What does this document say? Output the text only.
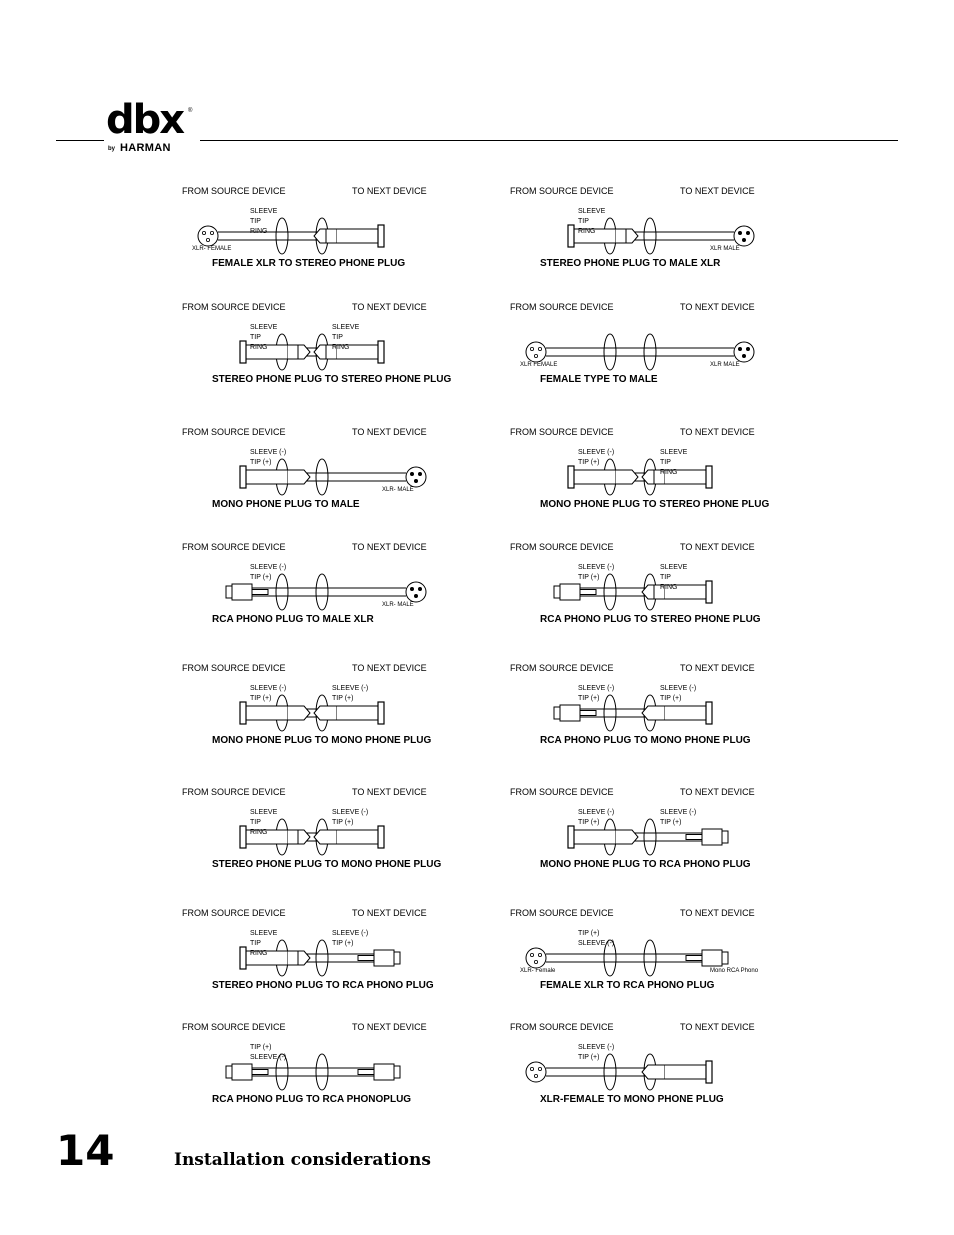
dbx ®
by HARMAN
FROM SOURCE DEVICE	TO NEXT DEVICE
SLEEVE
TIP
RING
XLR- FEMALE
FEMALE XLR TO STEREO PHONE PLUG
FROM SOURCE DEVICE	TO NEXT DEVICE
SLEEVE
TIP
RING
XLR MALE
STEREO PHONE PLUG TO MALE XLR
FROM SOURCE DEVICE	TO NEXT DEVICE
SLEEVE
TIP
RING
SLEEVE
TIP
RING
STEREO PHONE PLUG TO STEREO PHONE PLUG
FROM SOURCE DEVICE	TO NEXT DEVICE
XLR FEMALE	XLR MALE
FEMALE TYPE TO MALE
FROM SOURCE DEVICE	TO NEXT DEVICE
SLEEVE (-)
TIP (+)
XLR- MALE
MONO PHONE PLUG TO MALE
FROM SOURCE DEVICE	TO NEXT DEVICE
SLEEVE (-)
TIP (+)
SLEEVE
TIP
RING
MONO PHONE PLUG TO STEREO PHONE PLUG
FROM SOURCE DEVICE	TO NEXT DEVICE
SLEEVE (-)
TIP (+)
XLR- MALE
RCA PHONO PLUG TO MALE XLR
FROM SOURCE DEVICE	TO NEXT DEVICE
SLEEVE (-)
TIP (+)
SLEEVE
TIP
RING
RCA PHONO PLUG TO STEREO PHONE PLUG
FROM SOURCE DEVICE	TO NEXT DEVICE
SLEEVE (-)
TIP (+)
SLEEVE (-)
TIP (+)
MONO PHONE PLUG TO MONO PHONE PLUG
FROM SOURCE DEVICE	TO NEXT DEVICE
SLEEVE (-)
TIP (+)
SLEEVE (-)
TIP (+)
RCA PHONO PLUG TO MONO PHONE PLUG
FROM SOURCE DEVICE	TO NEXT DEVICE
SLEEVE
TIP
RING
SLEEVE (-)
TIP (+)
STEREO PHONE PLUG TO MONO PHONE PLUG
FROM SOURCE DEVICE	TO NEXT DEVICE
SLEEVE (-)
TIP (+)
SLEEVE (-)
TIP (+)
MONO PHONE PLUG TO RCA PHONO PLUG
FROM SOURCE DEVICE	TO NEXT DEVICE
SLEEVE
TIP
RING
SLEEVE (-)
TIP (+)
STEREO PHONO PLUG TO RCA PHONO PLUG
FROM SOURCE DEVICE	TO NEXT DEVICE
TIP (+)
SLEEVE (-)
XLR- Female	Mono RCA Phono
FEMALE XLR TO RCA PHONO PLUG
FROM SOURCE DEVICE	TO NEXT DEVICE
TIP (+)
SLEEVE (-)
RCA PHONO PLUG TO RCA PHONOPLUG
FROM SOURCE DEVICE	TO NEXT DEVICE
SLEEVE (-)
TIP (+)
XLR-FEMALE TO MONO PHONE PLUG
14	Installation considerations
